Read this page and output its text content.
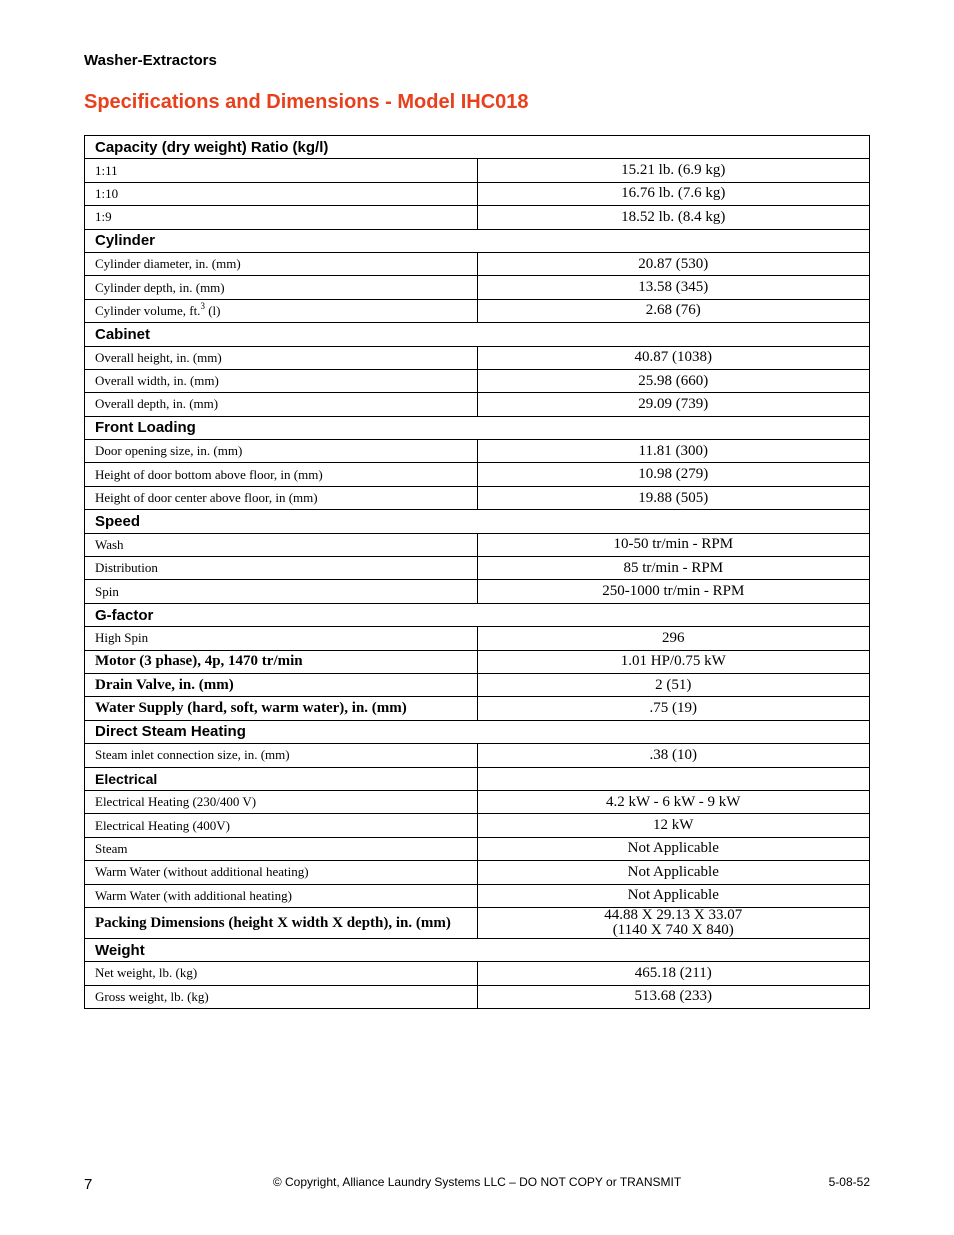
Washer-Extractors
Specifications and Dimensions - Model IHC018
Capacity (dry weight) Ratio (kg/l)	
1:11	15.21 lb. (6.9 kg)
1:10	16.76 lb. (7.6 kg)
1:9	18.52 lb. (8.4 kg)
Cylinder	
Cylinder diameter, in. (mm)	20.87 (530)
Cylinder depth, in. (mm)	13.58 (345)
Cylinder volume, ft.$^3$ (l)	2.68 (76)
Cabinet	
Overall height, in. (mm)	40.87 (1038)
Overall width, in. (mm)	25.98 (660)
Overall depth, in. (mm)	29.09 (739)
Front Loading	
Door opening size, in. (mm)	11.81 (300)
Height of door bottom above floor, in (mm)	10.98 (279)
Height of door center above floor, in (mm)	19.88 (505)
Speed	
Wash	10-50 tr/min - RPM
Distribution	85 tr/min - RPM
Spin	250-1000 tr/min - RPM
G-factor	
High Spin	296
Motor (3 phase), 4p, 1470 tr/min	1.01 HP/0.75 kW
Drain Valve, in. (mm)	2 (51)
Water Supply (hard, soft, warm water), in. (mm)	.75 (19)
Direct Steam Heating	
Steam inlet connection size, in. (mm)	.38 (10)
Electrical	
Electrical Heating (230/400 V)	4.2 kW - 6 kW - 9 kW
Electrical Heating (400V)	12 kW
Steam	Not Applicable
Warm Water (without additional heating)	Not Applicable
Warm Water (with additional heating)	Not Applicable
Packing Dimensions (height X width X depth), in. (mm)	44.88 X 29.13 X 33.07
(1140 X 740 X 840)

Weight	
Net weight, lb. (kg)	465.18 (211)
Gross weight, lb. (kg)	513.68 (233)
© Copyright, Alliance Laundry Systems LLC – DO NOT COPY or TRANSMIT
7	5-08-52
